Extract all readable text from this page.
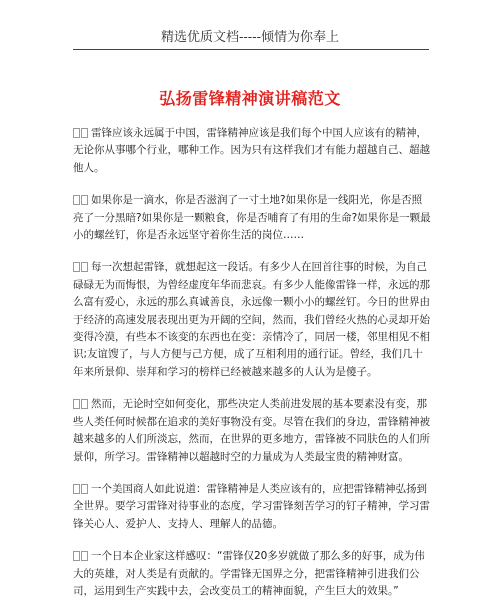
精选优质文档-----倾情为你奉上
弘扬雷锋精神演讲稿范文

雷锋应该永远属于中国，雷锋精神应该是我们每个中国人应该有的精神，无论你从事哪个行业，哪种工作。因为只有这样我们才有能力超越自己、超越他人。

如果你是一滴水，你是否滋润了一寸土地?如果你是一线阳光，你是否照亮了一分黑暗?如果你是一颗粮食，你是否哺育了有用的生命?如果你是一颗最小的螺丝钉，你是否永远坚守着你生活的岗位……

每一次想起雷锋，就想起这一段话。有多少人在回首往事的时候，为自己碌碌无为而悔恨，为曾经虚度年华而悲哀。有多少人能像雷锋一样，永远的那么富有爱心，永远的那么真诚善良，永远像一颗小小的螺丝钉。今日的世界由于经济的高速发展表现出更为开阔的空间，然而，我们曾经火热的心灵却开始变得冷漠，有些本不该变的东西也在变：亲情冷了，同居一楼，邻里相见不相识;友谊馊了，与人方便与己方便，成了互相利用的通行证。曾经，我们几十年来所景仰、崇拜和学习的榜样已经被越来越多的人认为是傻子。

然而，无论时空如何变化，那些决定人类前进发展的基本要素没有变，那些人类任何时候都在追求的美好事物没有变。尽管在我们的身边，雷锋精神被越来越多的人们所淡忘，然而，在世界的更多地方，雷锋被不同肤色的人们所景仰，所学习。雷锋精神以超越时空的力量成为人类最宝贵的精神财富。

一个美国商人如此说道：雷锋精神是人类应该有的，应把雷锋精神弘扬到全世界。要学习雷锋对待事业的态度，学习雷锋刻苦学习的钉子精神，学习雷锋关心人、爱护人、支持人、理解人的品德。

一个日本企业家这样感叹：“雷锋仅20多岁就做了那么多的好事，成为伟大的英雄，对人类是有贡献的。学雷锋无国界之分，把雷锋精神引进我们公司，运用到生产实践中去，会改变员工的精神面貌，产生巨大的效果。”
